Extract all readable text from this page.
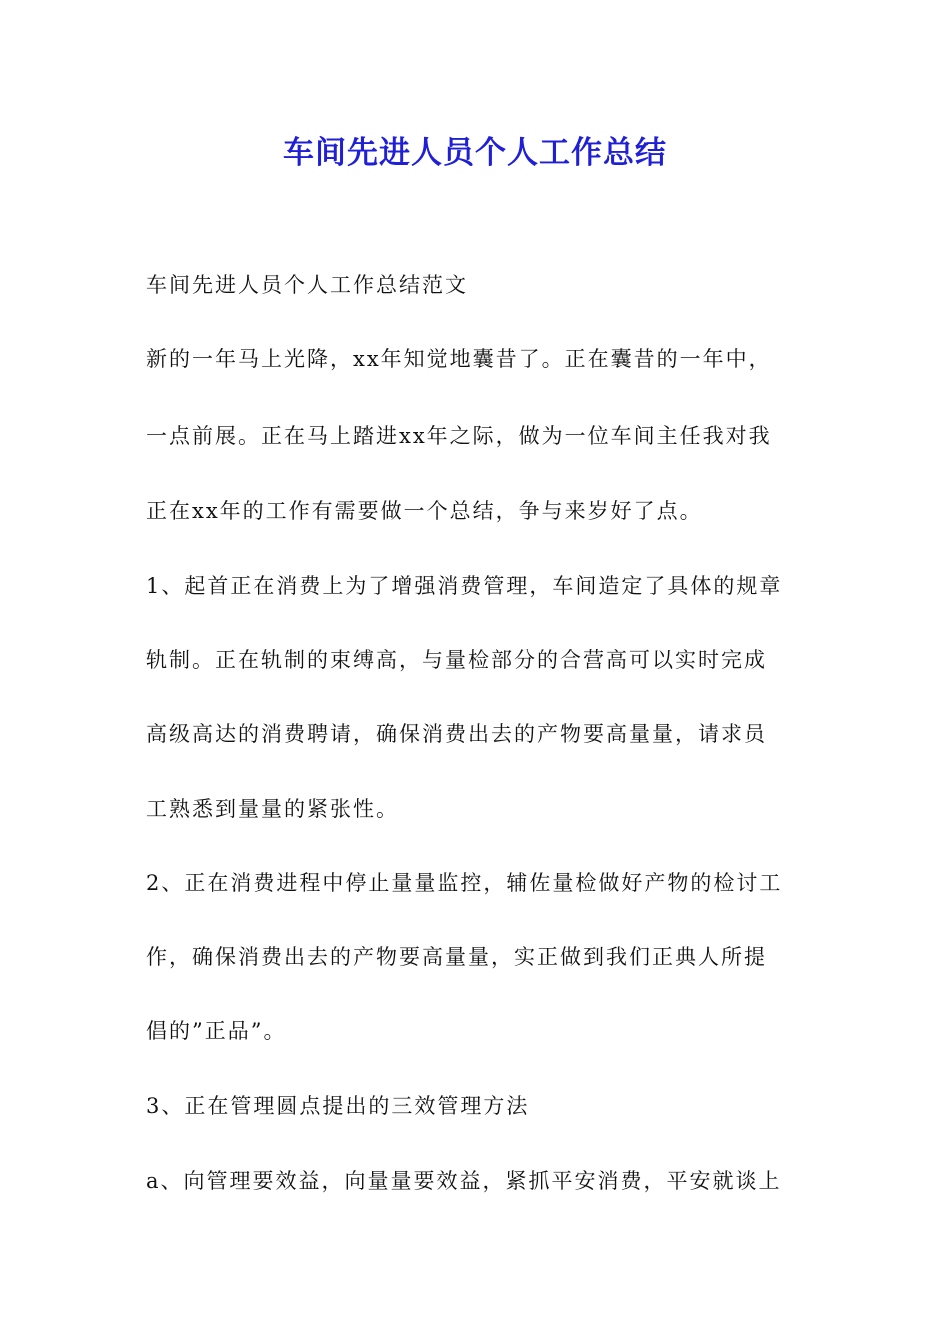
车间先进人员个人工作总结
车间先进人员个人工作总结范文
新的一年马上光降，xx年知觉地囊昔了。正在囊昔的一年中，
一点前展。正在马上踏进xx年之际，做为一位车间主任我对我
正在xx年的工作有需要做一个总结，争与来岁好了点。
1、起首正在消费上为了增强消费管理，车间造定了具体的规章
轨制。正在轨制的束缚高，与量检部分的合营高可以实时完成
高级高达的消费聘请，确保消费出去的产物要高量量，请求员
工熟悉到量量的紧张性。
2、正在消费进程中停止量量监控，辅佐量检做好产物的检讨工
作，确保消费出去的产物要高量量，实正做到我们正典人所提
倡的”正品”。
3、正在管理圆点提出的三效管理方法
a、向管理要效益，向量量要效益，紧抓平安消费，平安就谈上
